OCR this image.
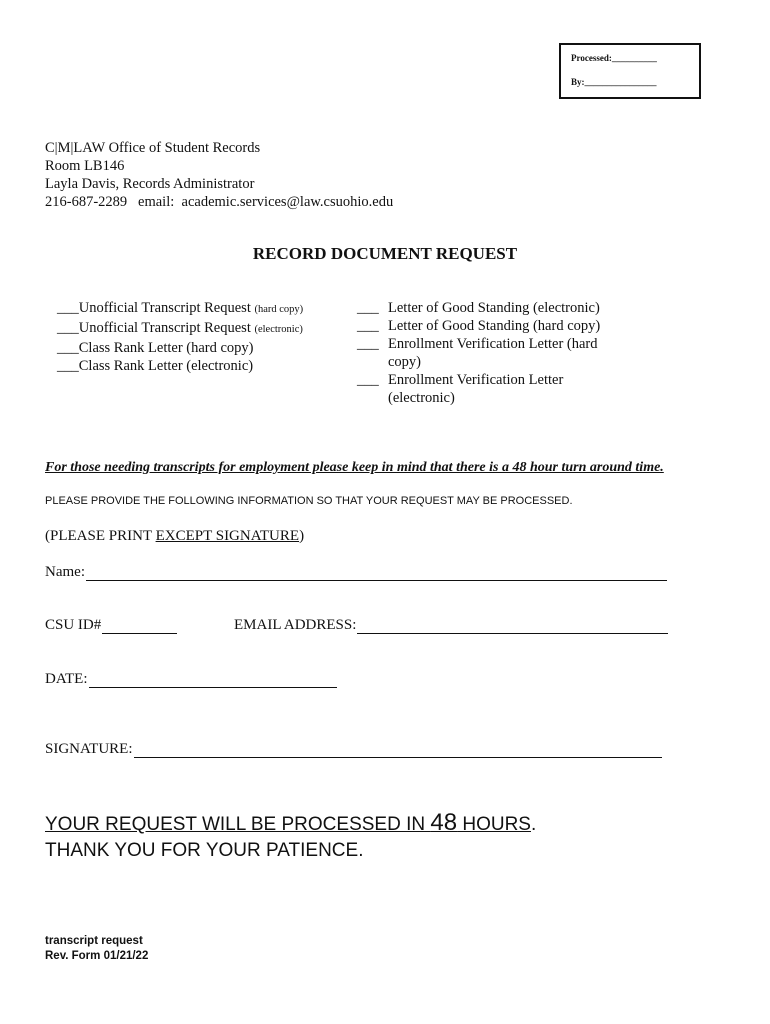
Processed:__________
By:________________
C|M|LAW Office of Student Records
Room LB146
Layla Davis, Records Administrator
216-687-2289   email:  academic.services@law.csuohio.edu
RECORD DOCUMENT REQUEST
___Unofficial Transcript Request (hard copy)
___Unofficial Transcript Request (electronic)
___Class Rank Letter (hard copy)
___Class Rank Letter (electronic)
___ Letter of Good Standing (electronic)
___ Letter of Good Standing (hard copy)
___ Enrollment Verification Letter (hard copy)
___ Enrollment Verification Letter (electronic)
For those needing transcripts for employment please keep in mind that there is a 48 hour turn around time.
PLEASE PROVIDE THE FOLLOWING INFORMATION SO THAT YOUR REQUEST MAY BE PROCESSED.
(PLEASE PRINT EXCEPT SIGNATURE)
Name:
CSU ID#	EMAIL ADDRESS:
DATE:
SIGNATURE:
YOUR REQUEST WILL BE PROCESSED IN 48 HOURS.
THANK YOU FOR YOUR PATIENCE.
transcript request
Rev. Form 01/21/22
